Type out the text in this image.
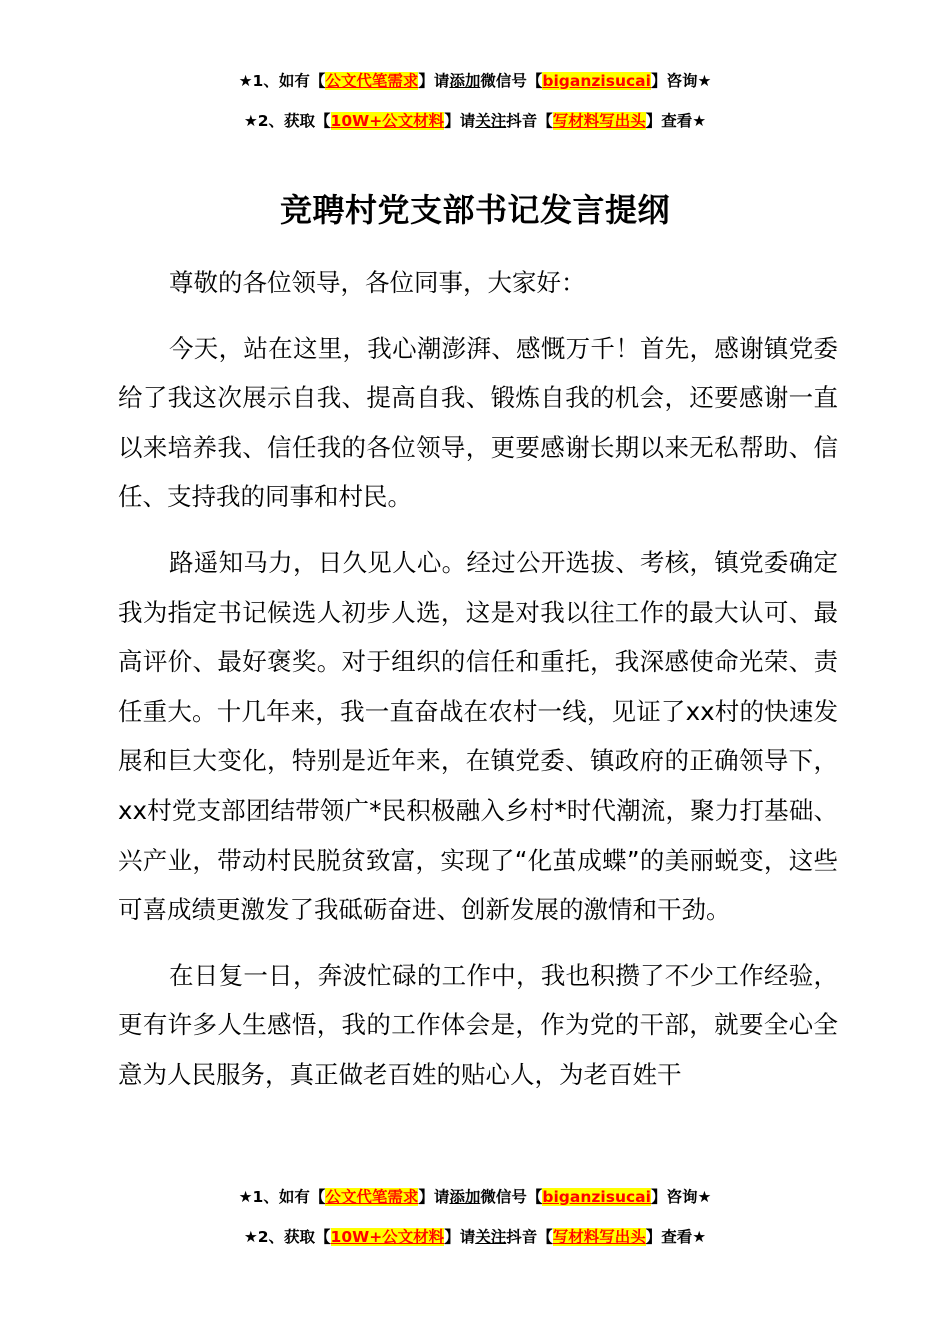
★1、如有【公文代笔需求】请添加微信号【biganzisucai】咨询★
★2、获取【10W+公文材料】请关注抖音【写材料写出头】查看★
竞聘村党支部书记发言提纲

尊敬的各位领导，各位同事，大家好：

今天，站在这里，我心潮澎湃、感慨万千！首先，感谢镇党委给了我这次展示自我、提高自我、锻炼自我的机会，还要感谢一直以来培养我、信任我的各位领导，更要感谢长期以来无私帮助、信任、支持我的同事和村民。

路遥知马力，日久见人心。经过公开选拔、考核，镇党委确定我为指定书记候选人初步人选，这是对我以往工作的最大认可、最高评价、最好褒奖。对于组织的信任和重托，我深感使命光荣、责任重大。十几年来，我一直奋战在农村一线，见证了xx村的快速发展和巨大变化，特别是近年来，在镇党委、镇政府的正确领导下，xx村党支部团结带领广*民积极融入乡村*时代潮流，聚力打基础、兴产业，带动村民脱贫致富，实现了“化茧成蝶”的美丽蜕变，这些可喜成绩更激发了我砥砺奋进、创新发展的激情和干劲。

在日复一日，奔波忙碌的工作中，我也积攒了不少工作经验，更有许多人生感悟，我的工作体会是，作为党的干部，就要全心全意为人民服务，真正做老百姓的贴心人，为老百姓干

★1、如有【公文代笔需求】请添加微信号【biganzisucai】咨询★
★2、获取【10W+公文材料】请关注抖音【写材料写出头】查看★
